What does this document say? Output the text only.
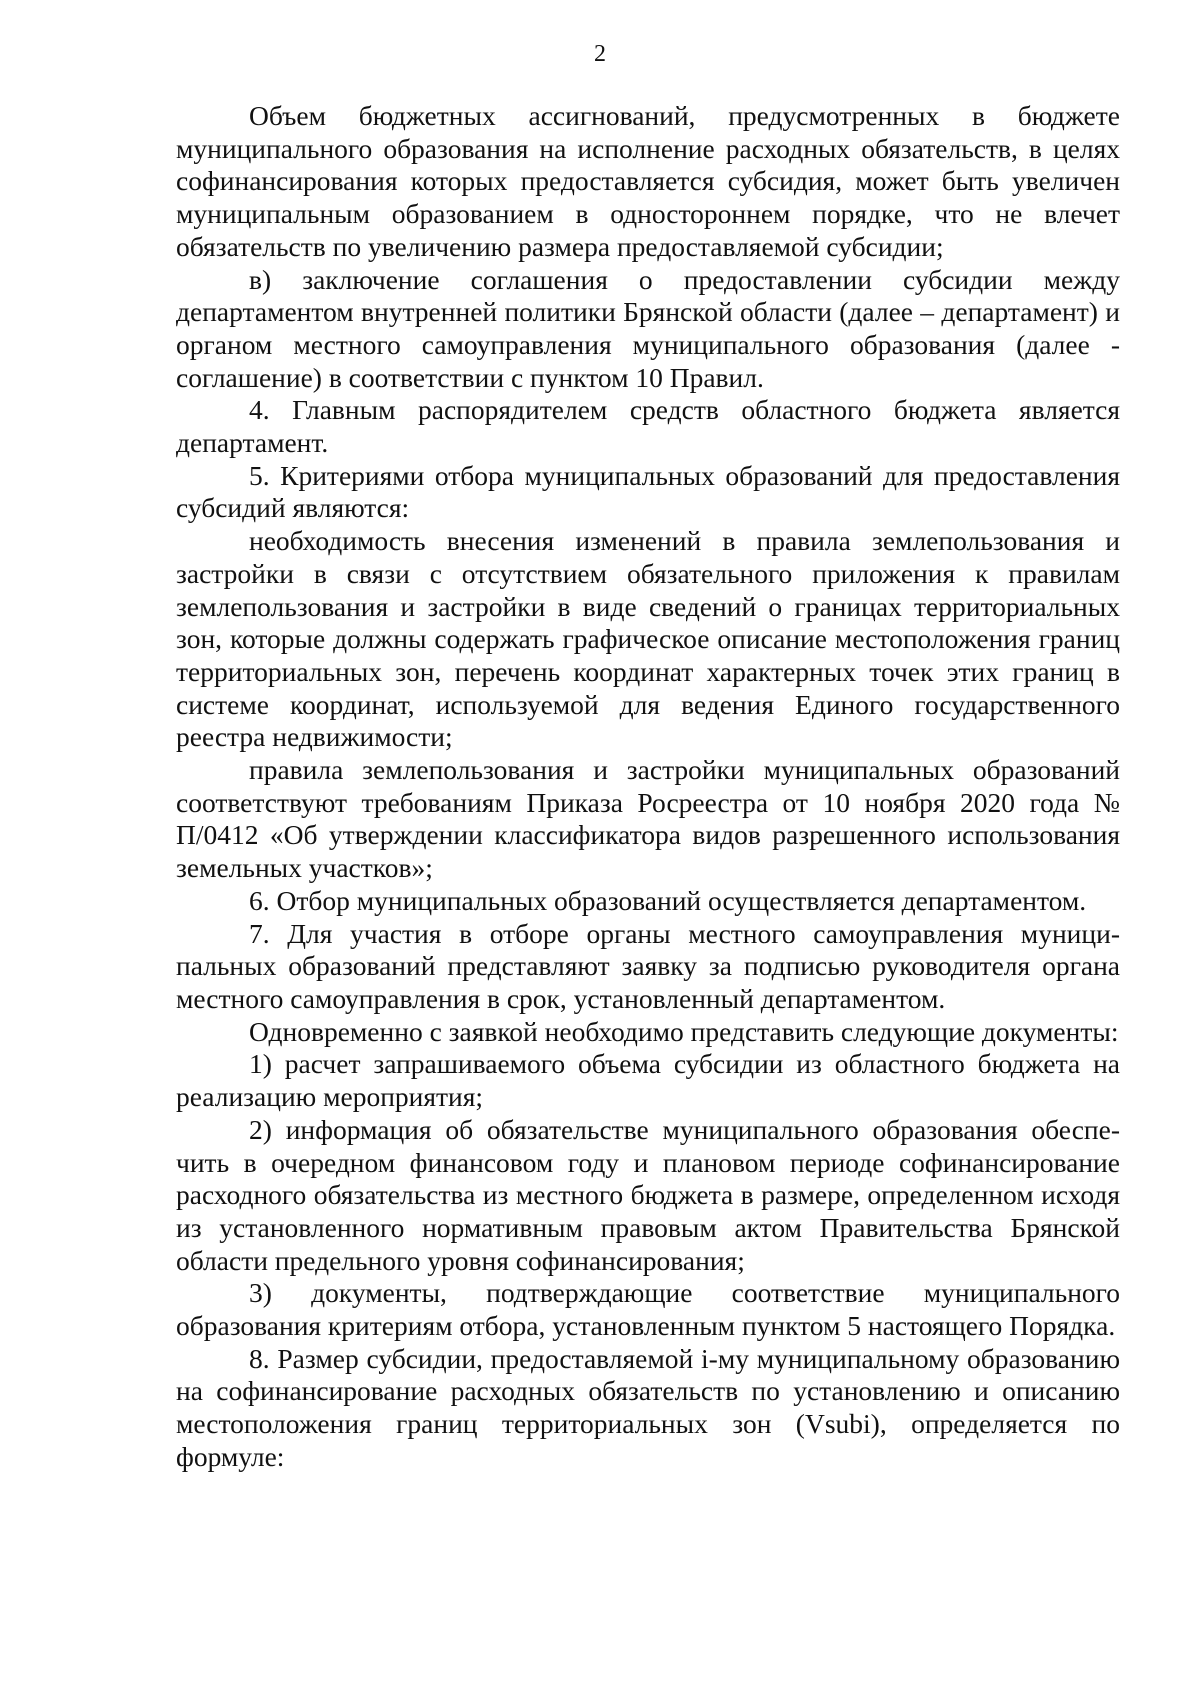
2

Объем бюджетных ассигнований, предусмотренных в бюджете муниципального образования на исполнение расходных обязательств, в целях софинансирования которых предоставляется субсидия, может быть увеличен муниципальным образованием в одностороннем порядке, что не влечет обязательств по увеличению размера предоставляемой субсидии;

в) заключение соглашения о предоставлении субсидии между департаментом внутренней политики Брянской области (далее – департамент) и органом местного самоуправления муниципального образования (далее - соглашение) в соответствии с пунктом 10 Правил.

4. Главным распорядителем средств областного бюджета является департамент.

5. Критериями отбора муниципальных образований для предоставления субсидий являются:

необходимость внесения изменений в правила землепользования и застройки в связи с отсутствием обязательного приложения к правилам землепользования и застройки в виде сведений о границах территориальных зон, которые должны содержать графическое описание местоположения границ территориальных зон, перечень координат характерных точек этих границ в системе координат, используемой для ведения Единого государственного реестра недвижимости;

правила землепользования и застройки муниципальных образований соответствуют требованиям Приказа Росреестра от 10 ноября 2020 года № П/0412 «Об утверждении классификатора видов разрешенного использования земельных участков»;

6. Отбор муниципальных образований осуществляется департаментом.

7. Для участия в отборе органы местного самоуправления муниципальных образований представляют заявку за подписью руководителя органа местного самоуправления в срок, установленный департаментом.

Одновременно с заявкой необходимо представить следующие документы:

1) расчет запрашиваемого объема субсидии из областного бюджета на реализацию мероприятия;

2) информация об обязательстве муниципального образования обеспечить в очередном финансовом году и плановом периоде софинансирование расходного обязательства из местного бюджета в размере, определенном исходя из установленного нормативным правовым актом Правительства Брянской области предельного уровня софинансирования;

3) документы, подтверждающие соответствие муниципального образования критериям отбора, установленным пунктом 5 настоящего Порядка.

8. Размер субсидии, предоставляемой i-му муниципальному образованию на софинансирование расходных обязательств по установлению и описанию местоположения границ территориальных зон (Vsubi), определяется по формуле:
